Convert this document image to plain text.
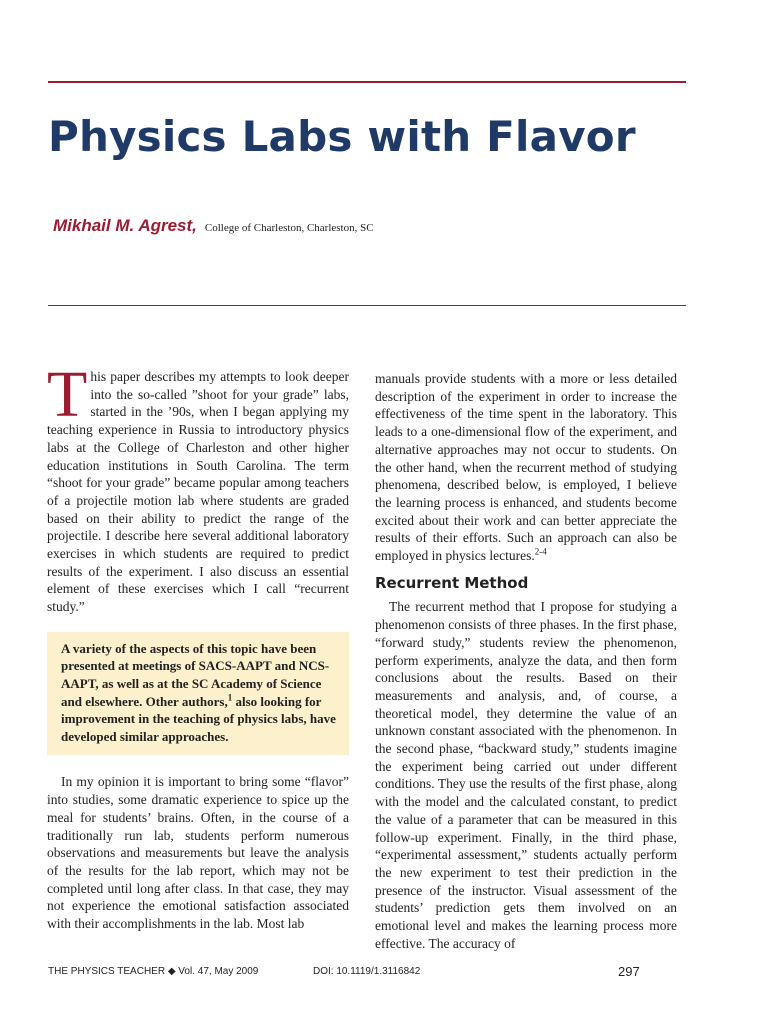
Physics Labs with Flavor
Mikhail M. Agrest, College of Charleston, Charleston, SC

This paper describes my attempts to look deeper into the so-called ”shoot for your grade” labs, started in the ’90s, when I began applying my teaching experience in Russia to introductory physics labs at the College of Charleston and other higher education institutions in South Carolina. The term “shoot for your grade” became popular among teachers of a projectile motion lab where students are graded based on their ability to predict the range of the projectile. I describe here several additional laboratory exercises in which students are required to predict results of the experiment. I also discuss an essential element of these exercises which I call “recurrent study.”

A variety of the aspects of this topic have been presented at meetings of SACS-AAPT and NCS-AAPT, as well as at the SC Academy of Science and elsewhere. Other authors,$^1$ also looking for improvement in the teaching of physics labs, have developed similar approaches.

In my opinion it is important to bring some “flavor” into studies, some dramatic experience to spice up the meal for students’ brains. Often, in the course of a traditionally run lab, students perform numerous observations and measurements but leave the analysis of the results for the lab report, which may not be completed until long after class. In that case, they may not experience the emotional satisfaction associated with their accomplishments in the lab. Most lab

manuals provide students with a more or less detailed description of the experiment in order to increase the effectiveness of the time spent in the laboratory. This leads to a one-dimensional flow of the experiment, and alternative approaches may not occur to students. On the other hand, when the recurrent method of studying phenomena, described below, is employed, I believe the learning process is enhanced, and students become excited about their work and can better appreciate the results of their efforts. Such an approach can also be employed in physics lectures.$^{2-4}$

Recurrent Method

The recurrent method that I propose for studying a phenomenon consists of three phases. In the first phase, “forward study,” students review the phenomenon, perform experiments, analyze the data, and then form conclusions about the results. Based on their measurements and analysis, and, of course, a theoretical model, they determine the value of an unknown constant associated with the phenomenon. In the second phase, “backward study,” students imagine the experiment being carried out under different conditions. They use the results of the first phase, along with the model and the calculated constant, to predict the value of a parameter that can be measured in this follow-up experiment. Finally, in the third phase, “experimental assessment,” students actually perform the new experiment to test their prediction in the presence of the instructor. Visual assessment of the students’ prediction gets them involved on an emotional level and makes the learning process more effective. The accuracy of

THE PHYSICS TEACHER ◆ Vol. 47, May 2009	DOI: 10.1119/1.3116842	297
